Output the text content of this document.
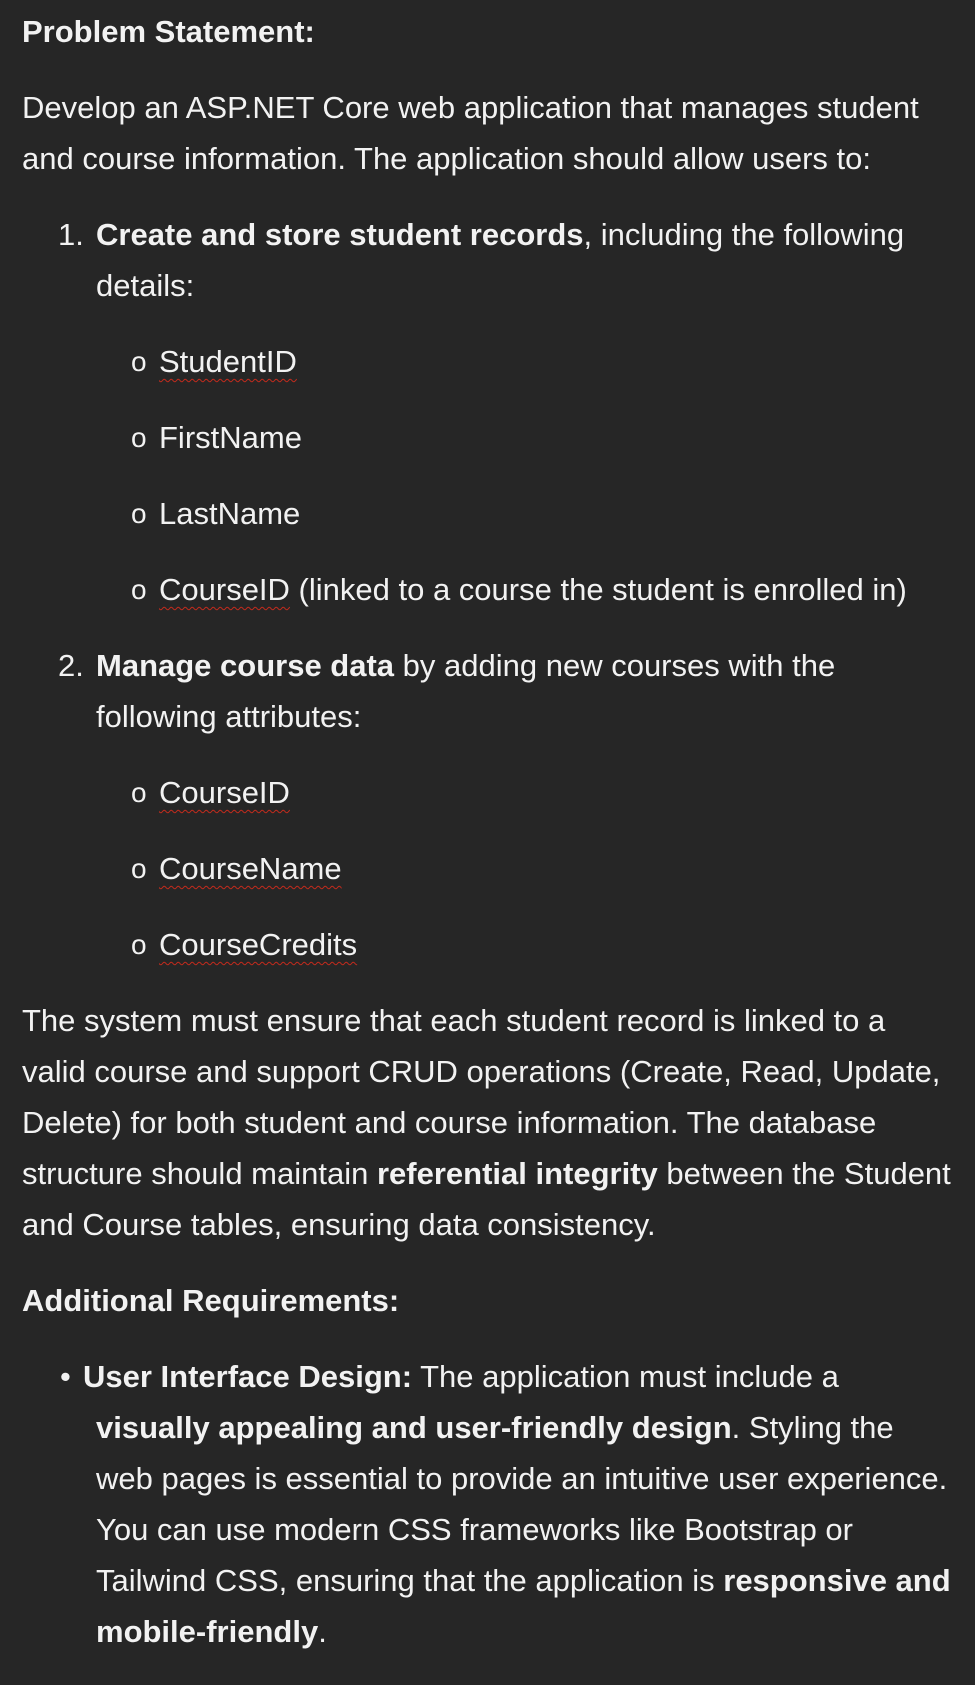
Problem Statement:

Develop an ASP.NET Core web application that manages student and course information. The application should allow users to:

1. Create and store student records, including the following details:

o StudentID
o FirstName
o LastName
o CourseID (linked to a course the student is enrolled in)

2. Manage course data by adding new courses with the following attributes:

o CourseID
o CourseName
o CourseCredits

The system must ensure that each student record is linked to a valid course and support CRUD operations (Create, Read, Update, Delete) for both student and course information. The database structure should maintain referential integrity between the Student and Course tables, ensuring data consistency.

Additional Requirements:

• User Interface Design: The application must include a visually appealing and user-friendly design. Styling the web pages is essential to provide an intuitive user experience. You can use modern CSS frameworks like Bootstrap or Tailwind CSS, ensuring that the application is responsive and mobile-friendly.
